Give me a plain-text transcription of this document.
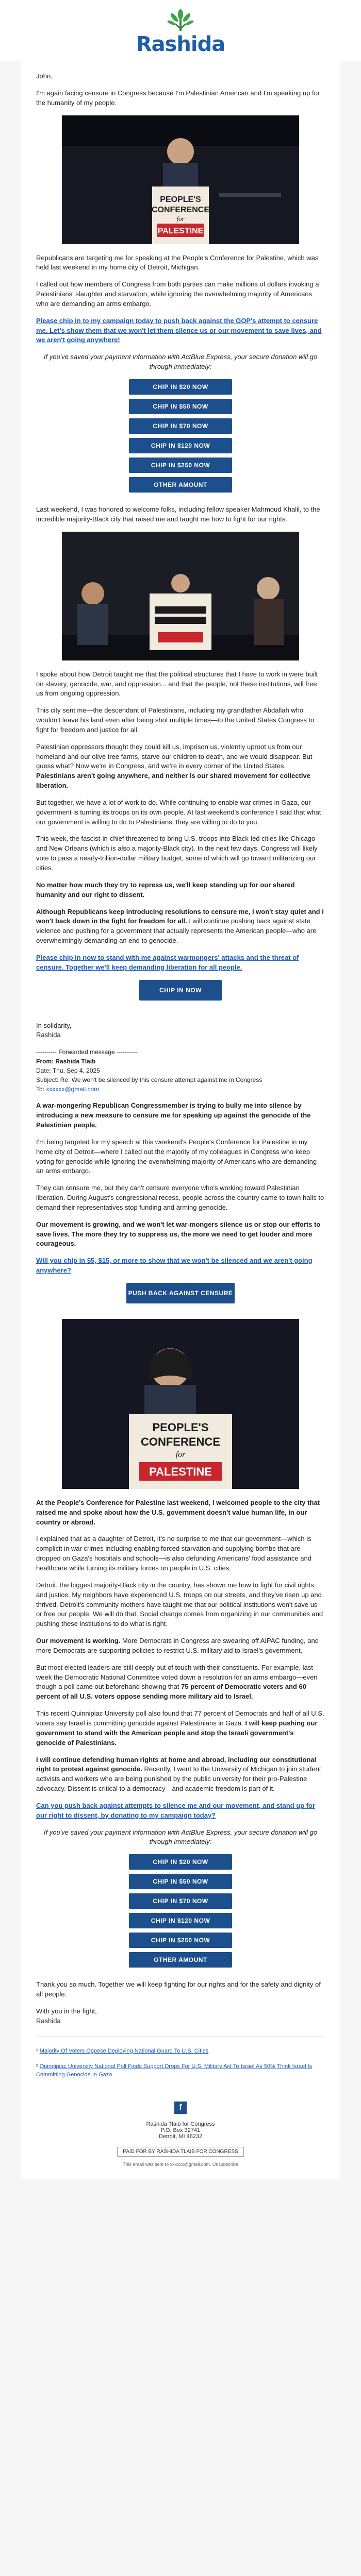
Rashida

John,

I'm again facing censure in Congress because I'm Palestinian American and I'm speaking up for the humanity of my people.

PEOPLE'S
CONFERENCE
for
PALESTINE

Republicans are targeting me for speaking at the People's Conference for Palestine, which was held last weekend in my home city of Detroit, Michigan.

I called out how members of Congress from both parties can make millions of dollars invoking a Palestinians' slaughter and starvation, while ignoring the overwhelming majority of Americans who are demanding an arms embargo.

Please chip in to my campaign today to push back against the GOP's attempt to censure me. Let's show them that we won't let them silence us or our movement to save lives, and we aren't going anywhere!

If you've saved your payment information with ActBlue Express, your secure donation will go through immediately:

CHIP IN $20 NOW
CHIP IN $50 NOW
CHIP IN $70 NOW
CHIP IN $120 NOW
CHIP IN $250 NOW
OTHER AMOUNT

Last weekend, I was honored to welcome folks, including fellow speaker Mahmoud Khalil, to the incredible majority-Black city that raised me and taught me how to fight for our rights.

I spoke about how Detroit taught me that the political structures that I have to work in were built on slavery, genocide, war, and oppression... and that the people, not these institutions, will free us from ongoing oppression.

This city sent me—the descendant of Palestinians, including my grandfather Abdallah who wouldn't leave his land even after being shot multiple times—to the United States Congress to fight for freedom and justice for all.

Palestinian oppressors thought they could kill us, imprison us, violently uproot us from our homeland and our olive tree farms, starve our children to death, and we would disappear. But guess what? Now we're in Congress, and we're in every corner of the United States. Palestinians aren't going anywhere, and neither is our shared movement for collective liberation.

But together, we have a lot of work to do. While continuing to enable war crimes in Gaza, our government is turning its troops on its own people. At last weekend's conference I said that what our government is willing to do to Palestinians, they are willing to do to you.

This week, the fascist-in-chief threatened to bring U.S. troops into Black-led cities like Chicago and New Orleans (which is also a majority-Black city). In the next few days, Congress will likely vote to pass a nearly-trillion-dollar military budget, some of which will go toward militarizing our cities.

No matter how much they try to repress us, we'll keep standing up for our shared humanity and our right to dissent.

Although Republicans keep introducing resolutions to censure me, I won't stay quiet and I won't back down in the fight for freedom for all. I will continue pushing back against state violence and pushing for a government that actually represents the American people—who are overwhelmingly demanding an end to genocide.

Please chip in now to stand with me against warmongers' attacks and the threat of censure. Together we'll keep demanding liberation for all people.

CHIP IN NOW

In solidarity,
Rashida

---------- Forwarded message ----------
From: Rashida Tlaib
Date: Thu, Sep 4, 2025
Subject: Re: We won't be silenced by this censure attempt against me in Congress
To: xxxxxx@gmail.com

A war-mongering Republican Congressmember is trying to bully me into silence by introducing a new measure to censure me for speaking up against the genocide of the Palestinian people.

I'm being targeted for my speech at this weekend's People's Conference for Palestine in my home city of Detroit—where I called out the majority of my colleagues in Congress who keep voting for genocide while ignoring the overwhelming majority of Americans who are demanding an arms embargo.

They can censure me, but they can't censure everyone who's working toward Palestinian liberation. During August's congressional recess, people across the country came to town halls to demand their representatives stop funding and arming genocide.

Our movement is growing, and we won't let war-mongers silence us or stop our efforts to save lives. The more they try to suppress us, the more we need to get louder and more courageous.

Will you chip in $5, $15, or more to show that we won't be silenced and we aren't going anywhere?

PUSH BACK AGAINST CENSURE
PEOPLE'S
CONFERENCE
for
PALESTINE

At the People's Conference for Palestine last weekend, I welcomed people to the city that raised me and spoke about how the U.S. government doesn't value human life, in our country or abroad.

I explained that as a daughter of Detroit, it's no surprise to me that our government—which is complicit in war crimes including enabling forced starvation and supplying bombs that are dropped on Gaza's hospitals and schools—is also defunding Americans' food assistance and healthcare while turning its military forces on people in U.S. cities.

Detroit, the biggest majority-Black city in the country, has shown me how to fight for civil rights and justice. My neighbors have experienced U.S. troops on our streets, and they've risen up and thrived. Detroit's community mothers have taught me that our political institutions won't save us or free our people. We will do that. Social change comes from organizing in our communities and pushing these institutions to do what is right.

Our movement is working. More Democrats in Congress are swearing off AIPAC funding, and more Democrats are supporting policies to restrict U.S. military aid to Israel's government.

But most elected leaders are still deeply out of touch with their constituents. For example, last week the Democratic National Committee voted down a resolution for an arms embargo—even though a poll came out beforehand showing that 75 percent of Democratic voters and 60 percent of all U.S. voters oppose sending more military aid to Israel.

This recent Quinnipiac University poll also found that 77 percent of Democrats and half of all U.S. voters say Israel is committing genocide against Palestinians in Gaza. I will keep pushing our government to stand with the American people and stop the Israeli government's genocide of Palestinians.

I will continue defending human rights at home and abroad, including our constitutional right to protest against genocide. Recently, I went to the University of Michigan to join student activists and workers who are being punished by the public university for their pro-Palestine advocacy. Dissent is critical to a democracy—and academic freedom is part of it.

Can you push back against attempts to silence me and our movement, and stand up for our right to dissent, by donating to my campaign today?

If you've saved your payment information with ActBlue Express, your secure donation will go through immediately:

CHIP IN $20 NOW
CHIP IN $50 NOW
CHIP IN $70 NOW
CHIP IN $120 NOW
CHIP IN $250 NOW
OTHER AMOUNT

Thank you so much. Together we will keep fighting for our rights and for the safety and dignity of all people.

With you in the fight,
Rashida

¹ Majority Of Voters Oppose Deploying National Guard To U.S. Cities

² Quinnipiac University National Poll Finds Support Drops For U.S. Military Aid To Israel As 50% Think Israel Is Committing Genocide In Gaza

f
Rashida Tlaib for Congress
P.O. Box 32741
Detroit, MI 48232
PAID FOR BY RASHIDA TLAIB FOR CONGRESS
This email was sent to xxxxxx@gmail.com. Unsubscribe
